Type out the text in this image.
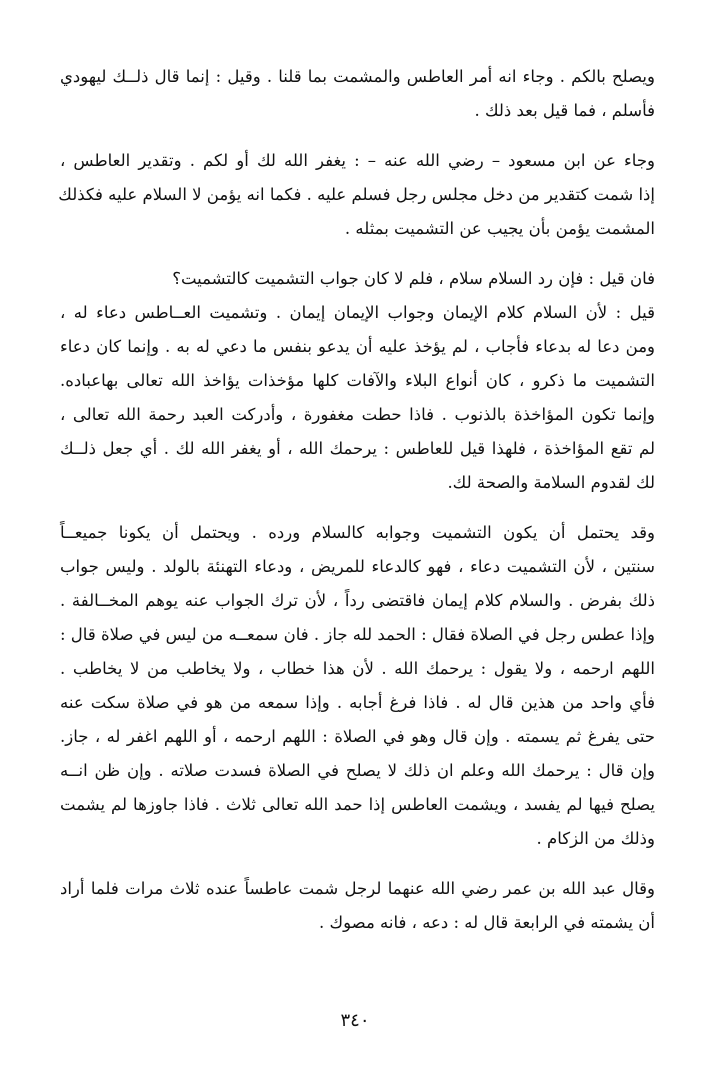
ويصلح بالكم . وجاء انه أمر العاطس والمشمت بما قلنا . وقيل : إنما قال ذلــك ليهودي
فأسلم ، فما قيل بعد ذلك .
وجاء عن ابن مسعود – رضي الله عنه – : يغفر الله لك أو لكم . وتقدير العاطس ،
إذا شمت كتقدير من دخل مجلس رجل فسلم عليه . فكما انه يؤمن لا السلام عليه فكذلك
المشمت يؤمن بأن يجيب عن التشميت بمثله .
فان قيل : فإن رد السلام سلام ، فلم لا كان جواب التشميت كالتشميت؟
قيل : لأن السلام كلام الإيمان وجواب الإيمان إيمان . وتشميت العــاطس دعاء له ،
ومن دعا له بدعاء فأجاب ، لم يؤخذ عليه أن يدعو بنفس ما دعي له به . وإنما كان دعاء
التشميت ما ذكرو ، كان أنواع البلاء والآفات كلها مؤخذات يؤاخذ الله تعالى بهاعباده.
وإنما تكون المؤاخذة بالذنوب . فاذا حطت مغفورة ، وأدركت العبد رحمة الله تعالى ،
لم تقع المؤاخذة ، فلهذا قيل للعاطس : يرحمك الله ، أو يغفر الله لك . أي جعل ذلــك
لك لقدوم السلامة والصحة لك.
وقد يحتمل أن يكون التشميت وجوابه كالسلام ورده . ويحتمل أن يكونا جميعــاً
سنتين ، لأن التشميت دعاء ، فهو كالدعاء للمريض ، ودعاء التهنئة بالولد . وليس جواب
ذلك بفرض . والسلام كلام إيمان فاقتضى رداً ، لأن ترك الجواب عنه يوهم المخــالفة .
وإذا عطس رجل في الصلاة فقال : الحمد لله جاز . فان سمعــه من ليس في صلاة قال :
اللهم ارحمه ، ولا يقول : يرحمك الله . لأن هذا خطاب ، ولا يخاطب من لا يخاطب .
فأي واحد من هذين قال له . فاذا فرغ أجابه . وإذا سمعه من هو في صلاة سكت عنه
حتى يفرغ ثم يسمته . وإن قال وهو في الصلاة : اللهم ارحمه ، أو اللهم اغفر له ، جاز.
وإن قال : يرحمك الله وعلم ان ذلك لا يصلح في الصلاة فسدت صلاته . وإن ظن انــه
يصلح فيها لم يفسد ، ويشمت العاطس إذا حمد الله تعالى ثلاث . فاذا جاوزها لم يشمت
وذلك من الزكام .
وقال عبد الله بن عمر رضي الله عنهما لرجل شمت عاطساً عنده ثلاث مرات فلما أراد
أن يشمته في الرابعة قال له : دعه ، فانه مصوك .
٣٤٠
